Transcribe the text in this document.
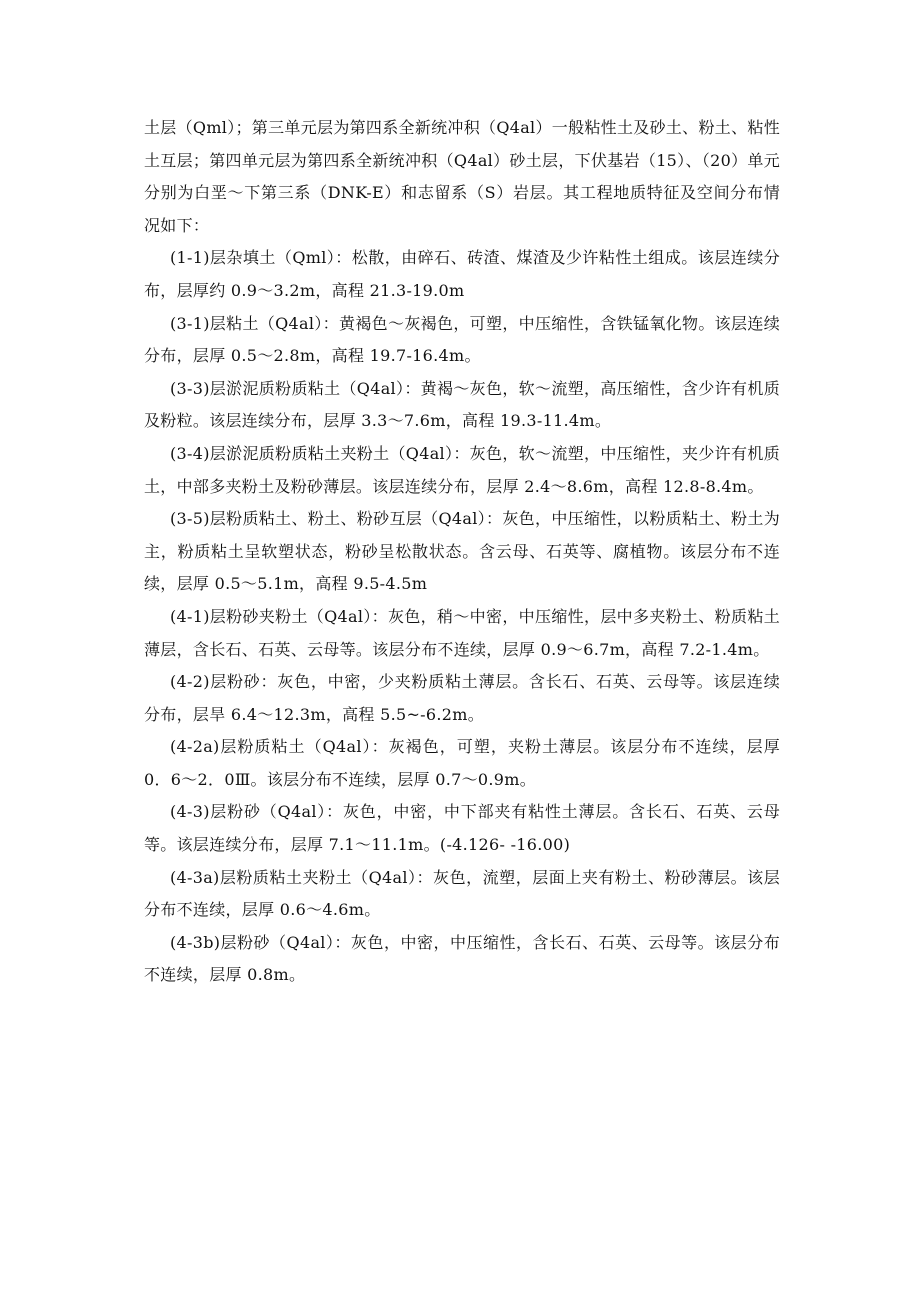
土层（Qml）；第三单元层为第四系全新统冲积（Q4al）一般粘性土及砂土、粉土、粘性土互层；第四单元层为第四系全新统冲积（Q4al）砂土层，下伏基岩（15）、（20）单元分别为白垩～下第三系（DNK-E）和志留系（S）岩层。其工程地质特征及空间分布情况如下：

(1-1)层杂填土（Qml）：松散，由碎石、砖渣、煤渣及少许粘性土组成。该层连续分布，层厚约 0.9～3.2m，高程 21.3-19.0m

(3-1)层粘土（Q4al）：黄褐色～灰褐色，可塑，中压缩性，含铁锰氧化物。该层连续分布，层厚 0.5～2.8m，高程 19.7-16.4m。

(3-3)层淤泥质粉质粘土（Q4al）：黄褐～灰色，软～流塑，高压缩性，含少许有机质及粉粒。该层连续分布，层厚 3.3～7.6m，高程 19.3-11.4m。

(3-4)层淤泥质粉质粘土夹粉土（Q4al）：灰色，软～流塑，中压缩性，夹少许有机质土，中部多夹粉土及粉砂薄层。该层连续分布，层厚 2.4～8.6m，高程 12.8-8.4m。

(3-5)层粉质粘土、粉土、粉砂互层（Q4al）：灰色，中压缩性，以粉质粘土、粉土为主，粉质粘土呈软塑状态，粉砂呈松散状态。含云母、石英等、腐植物。该层分布不连续，层厚 0.5～5.1m，高程 9.5-4.5m

(4-1)层粉砂夹粉土（Q4al）：灰色，稍～中密，中压缩性，层中多夹粉土、粉质粘土薄层，含长石、石英、云母等。该层分布不连续，层厚 0.9～6.7m，高程 7.2-1.4m。

(4-2)层粉砂：灰色，中密，少夹粉质粘土薄层。含长石、石英、云母等。该层连续分布，层旱 6.4～12.3m，高程 5.5~-6.2m。

(4-2a)层粉质粘土（Q4al）：灰褐色，可塑，夹粉土薄层。该层分布不连续，层厚 0．6～2．0Ⅲ。该层分布不连续，层厚 0.7～0.9m。

(4-3)层粉砂（Q4al）：灰色，中密，中下部夹有粘性土薄层。含长石、石英、云母等。该层连续分布，层厚 7.1～11.1m。(-4.126- -16.00)

(4-3a)层粉质粘土夹粉土（Q4al）：灰色，流塑，层面上夹有粉土、粉砂薄层。该层分布不连续，层厚 0.6～4.6m。

(4-3b)层粉砂（Q4al）：灰色，中密，中压缩性，含长石、石英、云母等。该层分布不连续，层厚 0.8m。
